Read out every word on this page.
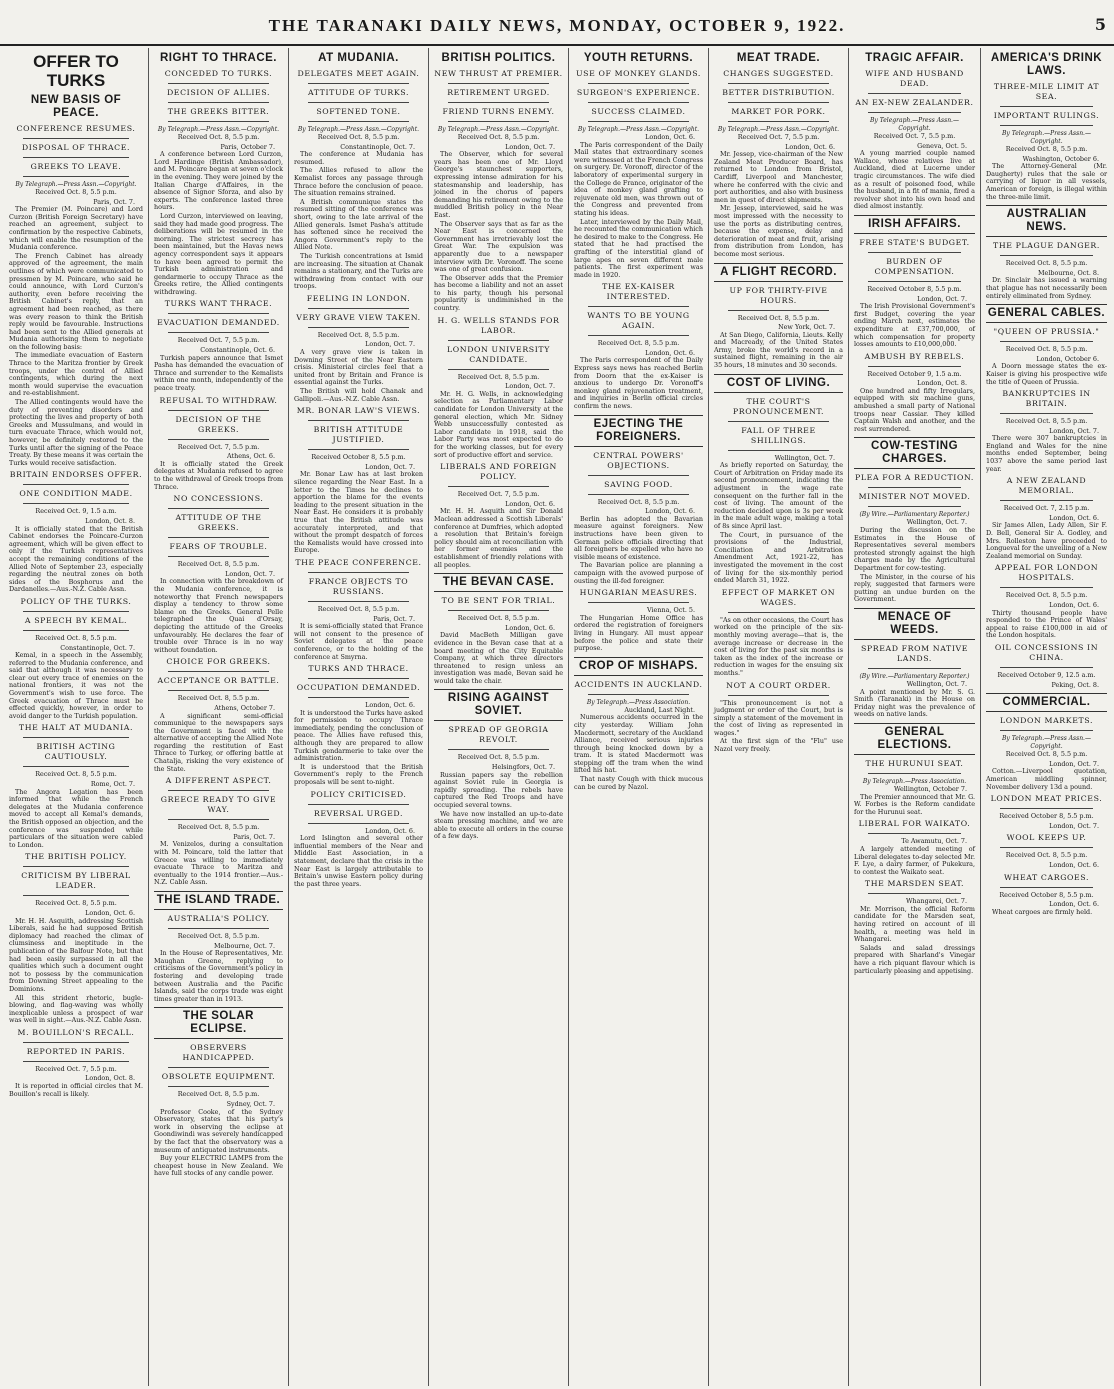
THE TARANAKI DAILY NEWS, MONDAY, OCTOBER 9, 1922.	5
OFFER TO TURKS
NEW BASIS OF PEACE.
CONFERENCE RESUMES.
DISPOSAL OF THRACE.
GREEKS TO LEAVE.
By Telegraph.—Press Assn.—Copyright.
Received Oct. 8, 5.5 p.m.
Paris, Oct. 7.

The Premier (M. Poincare) and Lord Curzon (British Foreign Secretary) have reached an agreement, subject to confirmation by the respective Cabinets, which will enable the resumption of the Mudania conference.

The French Cabinet has already approved of the agreement, the main outlines of which were communicated to pressmen by M. Poincare, who said he could announce, with Lord Curzon's authority, even before receiving the British Cabinet's reply, that an agreement had been reached, as there was every reason to think the British reply would be favourable. Instructions had been sent to the Allied generals at Mudania authorising them to negotiate on the following basis:

The immediate evacuation of Eastern Thrace to the Maritza frontier by Greek troops, under the control of Allied contingents, which during the next month would supervise the evacuation and re-establishment.

The Allied contingents would have the duty of preventing disorders and protecting the lives and property of both Greeks and Mussulmans, and would in turn evacuate Thrace, which would not, however, be definitely restored to the Turks until after the signing of the Peace Treaty. By these means it was certain the Turks would receive satisfaction.

BRITAIN ENDORSES OFFER.
ONE CONDITION MADE.
Received Oct. 9, 1.5 a.m.
London, Oct. 8.

It is officially stated that the British Cabinet endorses the Poincare-Curzon agreement, which will be given effect to only if the Turkish representatives accept the remaining conditions of the Allied Note of September 23, especially regarding the neutral zones on both sides of the Bosphorus and the Dardanelles.—Aus.-N.Z. Cable Assn.

POLICY OF THE TURKS.
A SPEECH BY KEMAL.
Received Oct. 8, 5.5 p.m.
Constantinople, Oct. 7.

Kemal, in a speech in the Assembly, referred to the Mudania conference, and said that although it was necessary to clear out every trace of enemies on the national frontiers, it was not the Government's wish to use force. The Greek evacuation of Thrace must be effected quickly, however, in order to avoid danger to the Turkish population.

THE HALT AT MUDANIA.
BRITISH ACTING CAUTIOUSLY.
Received Oct. 8, 5.5 p.m.
Rome, Oct. 7.

The Angora Legation has been informed that while the French delegates at the Mudania conference moved to accept all Kemal's demands, the British opposed an objection, and the conference was suspended while particulars of the situation were cabled to London.

THE BRITISH POLICY.
CRITICISM BY LIBERAL LEADER.
Received Oct. 8, 5.5 p.m.
London, Oct. 6.

Mr. H. H. Asquith, addressing Scottish Liberals, said he had supposed British diplomacy had reached the climax of clumsiness and ineptitude in the publication of the Balfour Note, but that had been easily surpassed in all the qualities which such a document ought not to possess by the communication from Downing Street appealing to the Dominions.

All this strident rhetoric, bugle-blowing, and flag-waving was wholly inexplicable unless a prospect of war was well in sight.—Aus.-N.Z. Cable Assn.

M. BOUILLON'S RECALL.
REPORTED IN PARIS.
Received Oct. 7, 5.5 p.m.
London, Oct. 8.

It is reported in official circles that M. Bouillon's recall is likely.

RIGHT TO THRACE.
CONCEDED TO TURKS.
DECISION OF ALLIES.
THE GREEKS BITTER.
By Telegraph.—Press Assn.—Copyright.
Received Oct. 8, 5.5 p.m.
Paris, October 7.

A conference between Lord Curzon, Lord Hardinge (British Ambassador), and M. Poincare began at seven o'clock in the evening. They were joined by the Italian Charge d'Affaires, in the absence of Signor Sforza, and also by experts. The conference lasted three hours.

Lord Curzon, interviewed on leaving, said they had made good progress. The deliberations will be resumed in the morning. The strictest secrecy has been maintained, but the Havas news agency correspondent says it appears to have been agreed to permit the Turkish administration and gendarmerie to occupy Thrace as the Greeks retire, the Allied contingents withdrawing.

TURKS WANT THRACE.
EVACUATION DEMANDED.
Received Oct. 7, 5.5 p.m.
Constantinople, Oct. 6.

Turkish papers announce that Ismet Pasha has demanded the evacuation of Thrace and surrender to the Kemalists within one month, independently of the peace treaty.

REFUSAL TO WITHDRAW.
DECISION OF THE GREEKS.
Received Oct. 7, 5.5 p.m.
Athens, Oct. 6.

It is officially stated the Greek delegates at Mudania refused to agree to the withdrawal of Greek troops from Thrace.

NO CONCESSIONS.
ATTITUDE OF THE GREEKS.
FEARS OF TROUBLE.
Received Oct. 8, 5.5 p.m.
London, Oct. 7.

In connection with the breakdown of the Mudania conference, it is noteworthy that French newspapers display a tendency to throw some blame on the Greeks. General Pelle telegraphed the Quai d'Orsay, depicting the attitude of the Greeks unfavourably. He declares the fear of trouble over Thrace is in no way without foundation.

CHOICE FOR GREEKS.
ACCEPTANCE OR BATTLE.
Received Oct. 8, 5.5 p.m.
Athens, October 7.

A significant semi-official communique to the newspapers says the Government is faced with the alternative of accepting the Allied Note regarding the restitution of East Thrace to Turkey, or offering battle at Chatalja, risking the very existence of the State.

A DIFFERENT ASPECT.
GREECE READY TO GIVE WAY.
Received Oct. 8, 5.5 p.m.
Paris, Oct. 7.

M. Venizelos, during a consultation with M. Poincare, told the latter that Greece was willing to immediately evacuate Thrace to Maritza and eventually to the 1914 frontier.—Aus.-N.Z. Cable Assn.

THE ISLAND TRADE.
AUSTRALIA'S POLICY.
Received Oct. 8, 5.5 p.m.
Melbourne, Oct. 7.

In the House of Representatives, Mr. Maughan Greene, replying to criticisms of the Government's policy in fostering and developing trade between Australia and the Pacific Islands, said the corps trade was eight times greater than in 1913.

THE SOLAR ECLIPSE.
OBSERVERS HANDICAPPED.
OBSOLETE EQUIPMENT.
Received Oct. 8, 5.5 p.m.
Sydney, Oct. 7.

Professor Cooke, of the Sydney Observatory, states that his party's work in observing the eclipse at Goondiwindi was severely handicapped by the fact that the observatory was a museum of antiquated instruments.

Buy your ELECTRIC LAMPS from the cheapest house in New Zealand. We have full stocks of any candle power.

AT MUDANIA.
DELEGATES MEET AGAIN.
ATTITUDE OF TURKS.
SOFTENED TONE.
By Telegraph.—Press Assn.—Copyright.
Received Oct. 8, 5.5 p.m.
Constantinople, Oct. 7.

The conference at Mudania has resumed.

The Allies refused to allow the Kemalist forces any passage through Thrace before the conclusion of peace. The situation remains strained.

A British communique states the resumed sitting of the conference was short, owing to the late arrival of the Allied generals. Ismet Pasha's attitude has softened since he received the Angora Government's reply to the Allied Note.

The Turkish concentrations at Ismid are increasing. The situation at Chanak remains a stationary, and the Turks are withdrawing from contact with our troops.

FEELING IN LONDON.
VERY GRAVE VIEW TAKEN.
Received Oct. 8, 5.5 p.m.
London, Oct. 7.

A very grave view is taken in Downing Street of the Near Eastern crisis. Ministerial circles feel that a united front by Britain and France is essential against the Turks.

The British will hold Chanak and Gallipoli.—Aus.-N.Z. Cable Assn.

MR. BONAR LAW'S VIEWS.
BRITISH ATTITUDE JUSTIFIED.
Received October 8, 5.5 p.m.
London, Oct. 7.

Mr. Bonar Law has at last broken silence regarding the Near East. In a letter to the Times he declines to apportion the blame for the events leading to the present situation in the Near East. He considers it is probably true that the British attitude was accurately interpreted, and that without the prompt despatch of forces the Kemalists would have crossed into Europe.

THE PEACE CONFERENCE.
FRANCE OBJECTS TO RUSSIANS.
Received Oct. 8, 5.5 p.m.
Paris, Oct. 7.

It is semi-officially stated that France will not consent to the presence of Soviet delegates at the peace conference, or to the holding of the conference at Smyrna.

TURKS AND THRACE.
OCCUPATION DEMANDED.
London, Oct. 6.

It is understood the Turks have asked for permission to occupy Thrace immediately, pending the conclusion of peace. The Allies have refused this, although they are prepared to allow Turkish gendarmerie to take over the administration.

It is understood that the British Government's reply to the French proposals will be sent to-night.

POLICY CRITICISED.
REVERSAL URGED.
London, Oct. 6.

Lord Islington and several other influential members of the Near and Middle East Association, in a statement, declare that the crisis in the Near East is largely attributable to Britain's unwise Eastern policy during the past three years.

BRITISH POLITICS.
NEW THRUST AT PREMIER.
RETIREMENT URGED.
FRIEND TURNS ENEMY.
By Telegraph.—Press Assn.—Copyright.
Received Oct. 8, 5.5 p.m.
London, Oct. 7.

The Observer, which for several years has been one of Mr. Lloyd George's staunchest supporters, expressing intense admiration for his statesmanship and leadership, has joined in the chorus of papers demanding his retirement owing to the muddled British policy in the Near East.

The Observer says that as far as the Near East is concerned the Government has irretrievably lost the Great War. The expulsion was apparently due to a newspaper interview with Dr. Voronoff. The scene was one of great confusion.

The Observer adds that the Premier has become a liability and not an asset to his party, though his personal popularity is undiminished in the country.

H. G. WELLS STANDS FOR LABOR.
LONDON UNIVERSITY CANDIDATE.
Received Oct. 8, 5.5 p.m.
London, Oct. 7.

Mr. H. G. Wells, in acknowledging selection as Parliamentary Labor candidate for London University at the general election, which Mr. Sidney Webb unsuccessfully contested as Labor candidate in 1918, said the Labor Party was most expected to do for the working classes, but for every sort of productive effort and service.

LIBERALS AND FOREIGN POLICY.
Received Oct. 7, 5.5 p.m.
London, Oct. 6.

Mr. H. H. Asquith and Sir Donald Maclean addressed a Scottish Liberals' conference at Dumfries, which adopted a resolution that Britain's foreign policy should aim at reconciliation with her former enemies and the establishment of friendly relations with all peoples.

THE BEVAN CASE.
TO BE SENT FOR TRIAL.
Received Oct. 8, 5.5 p.m.
London, Oct. 6.

David MacBeth Milligan gave evidence in the Bevan case that at a board meeting of the City Equitable Company, at which three directors threatened to resign unless an investigation was made, Bevan said he would take the chair.

RISING AGAINST SOVIET.
SPREAD OF GEORGIA REVOLT.
Received Oct. 8, 5.5 p.m.
Helsingfors, Oct. 7.

Russian papers say the rebellion against Soviet rule in Georgia is rapidly spreading. The rebels have captured the Red Troops and have occupied several towns.

We have now installed an up-to-date steam pressing machine, and we are able to execute all orders in the course of a few days.

YOUTH RETURNS.
USE OF MONKEY GLANDS.
SURGEON'S EXPERIENCE.
SUCCESS CLAIMED.
By Telegraph.—Press Assn.—Copyright.
London, Oct. 6.

The Paris correspondent of the Daily Mail states that extraordinary scenes were witnessed at the French Congress on surgery. Dr. Voronoff, director of the laboratory of experimental surgery in the College de France, originator of the idea of monkey gland grafting to rejuvenate old men, was thrown out of the Congress and prevented from stating his ideas.

Later, interviewed by the Daily Mail, he recounted the communication which he desired to make to the Congress. He stated that he had practised the grafting of the interstitial gland of large apes on seven different male patients. The first experiment was made in 1920.

THE EX-KAISER INTERESTED.
WANTS TO BE YOUNG AGAIN.
Received Oct. 8, 5.5 p.m.
London, Oct. 6.

The Paris correspondent of the Daily Express says news has reached Berlin from Doorn that the ex-Kaiser is anxious to undergo Dr. Voronoff's monkey gland rejuvenation treatment, and inquiries in Berlin official circles confirm the news.

EJECTING THE FOREIGNERS.
CENTRAL POWERS' OBJECTIONS.
SAVING FOOD.
Received Oct. 8, 5.5 p.m.
London, Oct. 6.

Berlin has adopted the Bavarian measure against foreigners. New instructions have been given to German police officials directing that all foreigners be expelled who have no visible means of existence.

The Bavarian police are planning a campaign with the avowed purpose of ousting the ill-fed foreigner.

HUNGARIAN MEASURES.
Vienna, Oct. 5.

The Hungarian Home Office has ordered the registration of foreigners living in Hungary. All must appear before the police and state their purpose.

CROP OF MISHAPS.
ACCIDENTS IN AUCKLAND.
By Telegraph.—Press Association.
Auckland, Last Night.

Numerous accidents occurred in the city yesterday. William John Macdermott, secretary of the Auckland Alliance, received serious injuries through being knocked down by a tram. It is stated Macdermott was stepping off the tram when the wind lifted his hat.

That nasty Cough with thick mucous can be cured by Nazol.

MEAT TRADE.
CHANGES SUGGESTED.
BETTER DISTRIBUTION.
MARKET FOR PORK.
By Telegraph.—Press Assn.—Copyright.
Received Oct. 7, 5.5 p.m.
London, Oct. 6.

Mr. Jessep, vice-chairman of the New Zealand Meat Producer Board, has returned to London from Bristol, Cardiff, Liverpool and Manchester, where he conferred with the civic and port authorities, and also with business men in quest of direct shipments.

Mr. Jessep, interviewed, said he was most impressed with the necessity to use the ports as distributing centres, because the expense, delay and deterioration of meat and fruit, arising from distribution from London, has become most serious.

A FLIGHT RECORD.
UP FOR THIRTY-FIVE HOURS.
Received Oct. 8, 5.5 p.m.
New York, Oct. 7.

At San Diego, California, Lieuts. Kelly and Macready, of the United States Army, broke the world's record in a sustained flight, remaining in the air 35 hours, 18 minutes and 30 seconds.

COST OF LIVING.
THE COURT'S PRONOUNCEMENT.
FALL OF THREE SHILLINGS.
Wellington, Oct. 7.

As briefly reported on Saturday, the Court of Arbitration on Friday made its second pronouncement, indicating the adjustment in the wage rate consequent on the further fall in the cost of living. The amount of the reduction decided upon is 3s per week in the male adult wage, making a total of 8s since April last.

The Court, in pursuance of the provisions of the Industrial, Conciliation and Arbitration Amendment Act, 1921-22, has investigated the movement in the cost of living for the six-monthly period ended March 31, 1922.

EFFECT OF MARKET ON WAGES.

"As on other occasions, the Court has worked on the principle of the six-monthly moving average—that is, the average increase or decrease in the cost of living for the past six months is taken as the index of the increase or reduction in wages for the ensuing six months."

NOT A COURT ORDER.

"This pronouncement is not a judgment or order of the Court, but is simply a statement of the movement in the cost of living as represented in wages."

At the first sign of the "Flu" use Nazol very freely.

TRAGIC AFFAIR.
WIFE AND HUSBAND DEAD.
AN EX-NEW ZEALANDER.
By Telegraph.—Press Assn.—Copyright.
Received Oct. 7, 5.5 p.m.
Geneva, Oct. 5.

A young married couple named Wallace, whose relatives live at Auckland, died at Lucerne under tragic circumstances. The wife died as a result of poisoned food, while the husband, in a fit of mania, fired a revolver shot into his own head and died almost instantly.

IRISH AFFAIRS.
FREE STATE'S BUDGET.
BURDEN OF COMPENSATION.
Received October 8, 5.5 p.m.
London, Oct. 7.

The Irish Provisional Government's first Budget, covering the year ending March next, estimates the expenditure at £37,700,000, of which compensation for property losses amounts to £10,000,000.

AMBUSH BY REBELS.
Received October 9, 1.5 a.m.
London, Oct. 8.

One hundred and fifty Irregulars, equipped with six machine guns, ambushed a small party of National troops near Cassiar. They killed Captain Walsh and another, and the rest surrendered.

COW-TESTING CHARGES.
PLEA FOR A REDUCTION.
MINISTER NOT MOVED.
(By Wire.—Parliamentary Reporter.)
Wellington, Oct. 7.

During the discussion on the Estimates in the House of Representatives several members protested strongly against the high charges made by the Agricultural Department for cow-testing.

The Minister, in the course of his reply, suggested that farmers were putting an undue burden on the Government.

MENACE OF WEEDS.
SPREAD FROM NATIVE LANDS.
(By Wire.—Parliamentary Reporter.)
Wellington, Oct. 7.

A point mentioned by Mr. S. G. Smith (Taranaki) in the House on Friday night was the prevalence of weeds on native lands.

GENERAL ELECTIONS.
THE HURUNUI SEAT.
By Telegraph.—Press Association.
Wellington, October 7.

The Premier announced that Mr. G. W. Forbes is the Reform candidate for the Hurunui seat.

LIBERAL FOR WAIKATO.
Te Awamutu, Oct. 7.

A largely attended meeting of Liberal delegates to-day selected Mr. F. Lye, a dairy farmer, of Pukekura, to contest the Waikato seat.

THE MARSDEN SEAT.
Whangarei, Oct. 7.

Mr. Morrison, the official Reform candidate for the Marsden seat, having retired on account of ill health, a meeting was held in Whangarei.

Salads and salad dressings prepared with Sharland's Vinegar have a rich piquant flavour which is particularly pleasing and appetising.

AMERICA'S DRINK LAWS.
THREE-MILE LIMIT AT SEA.
IMPORTANT RULINGS.
By Telegraph.—Press Assn.—Copyright.
Received Oct. 8, 5.5 p.m.
Washington, October 6.

The Attorney-General (Mr. Daugherty) rules that the sale or carrying of liquor in all vessels, American or foreign, is illegal within the three-mile limit.

AUSTRALIAN NEWS.
THE PLAGUE DANGER.
Received Oct. 8, 5.5 p.m.
Melbourne, Oct. 8.

Dr. Sinclair has issued a warning that plague has not necessarily been entirely eliminated from Sydney.

GENERAL CABLES.
"QUEEN OF PRUSSIA."
Received Oct. 8, 5.5 p.m.
London, October 6.

A Doorn message states the ex-Kaiser is giving his prospective wife the title of Queen of Prussia.

BANKRUPTCIES IN BRITAIN.
Received Oct. 8, 5.5 p.m.
London, Oct. 7.

There were 307 bankruptcies in England and Wales for the nine months ended September, being 1037 above the same period last year.

A NEW ZEALAND MEMORIAL.
Received Oct. 7, 2.15 p.m.
London, Oct. 6.

Sir James Allen, Lady Allen, Sir F. D. Bell, General Sir A. Godley, and Mrs. Rolleston have proceeded to Longueval for the unveiling of a New Zealand memorial on Sunday.

APPEAL FOR LONDON HOSPITALS.
Received Oct. 8, 5.5 p.m.
London, Oct. 6.

Thirty thousand people have responded to the Prince of Wales' appeal to raise £100,000 in aid of the London hospitals.

OIL CONCESSIONS IN CHINA.
Received October 9, 12.5 a.m.
Peking, Oct. 8.
COMMERCIAL.
LONDON MARKETS.
By Telegraph.—Press Assn.—Copyright.
Received Oct. 8, 5.5 p.m.
London, Oct. 7.

Cotton.—Liverpool quotation, American middling spinner, November delivery 13d a pound.

LONDON MEAT PRICES.
Received October 8, 5.5 p.m.
London, Oct. 7.
WOOL KEEPS UP.
Received Oct. 8, 5.5 p.m.
London, Oct. 6.
WHEAT CARGOES.
Received October 8, 5.5 p.m.
London, Oct. 6.

Wheat cargoes are firmly held.
